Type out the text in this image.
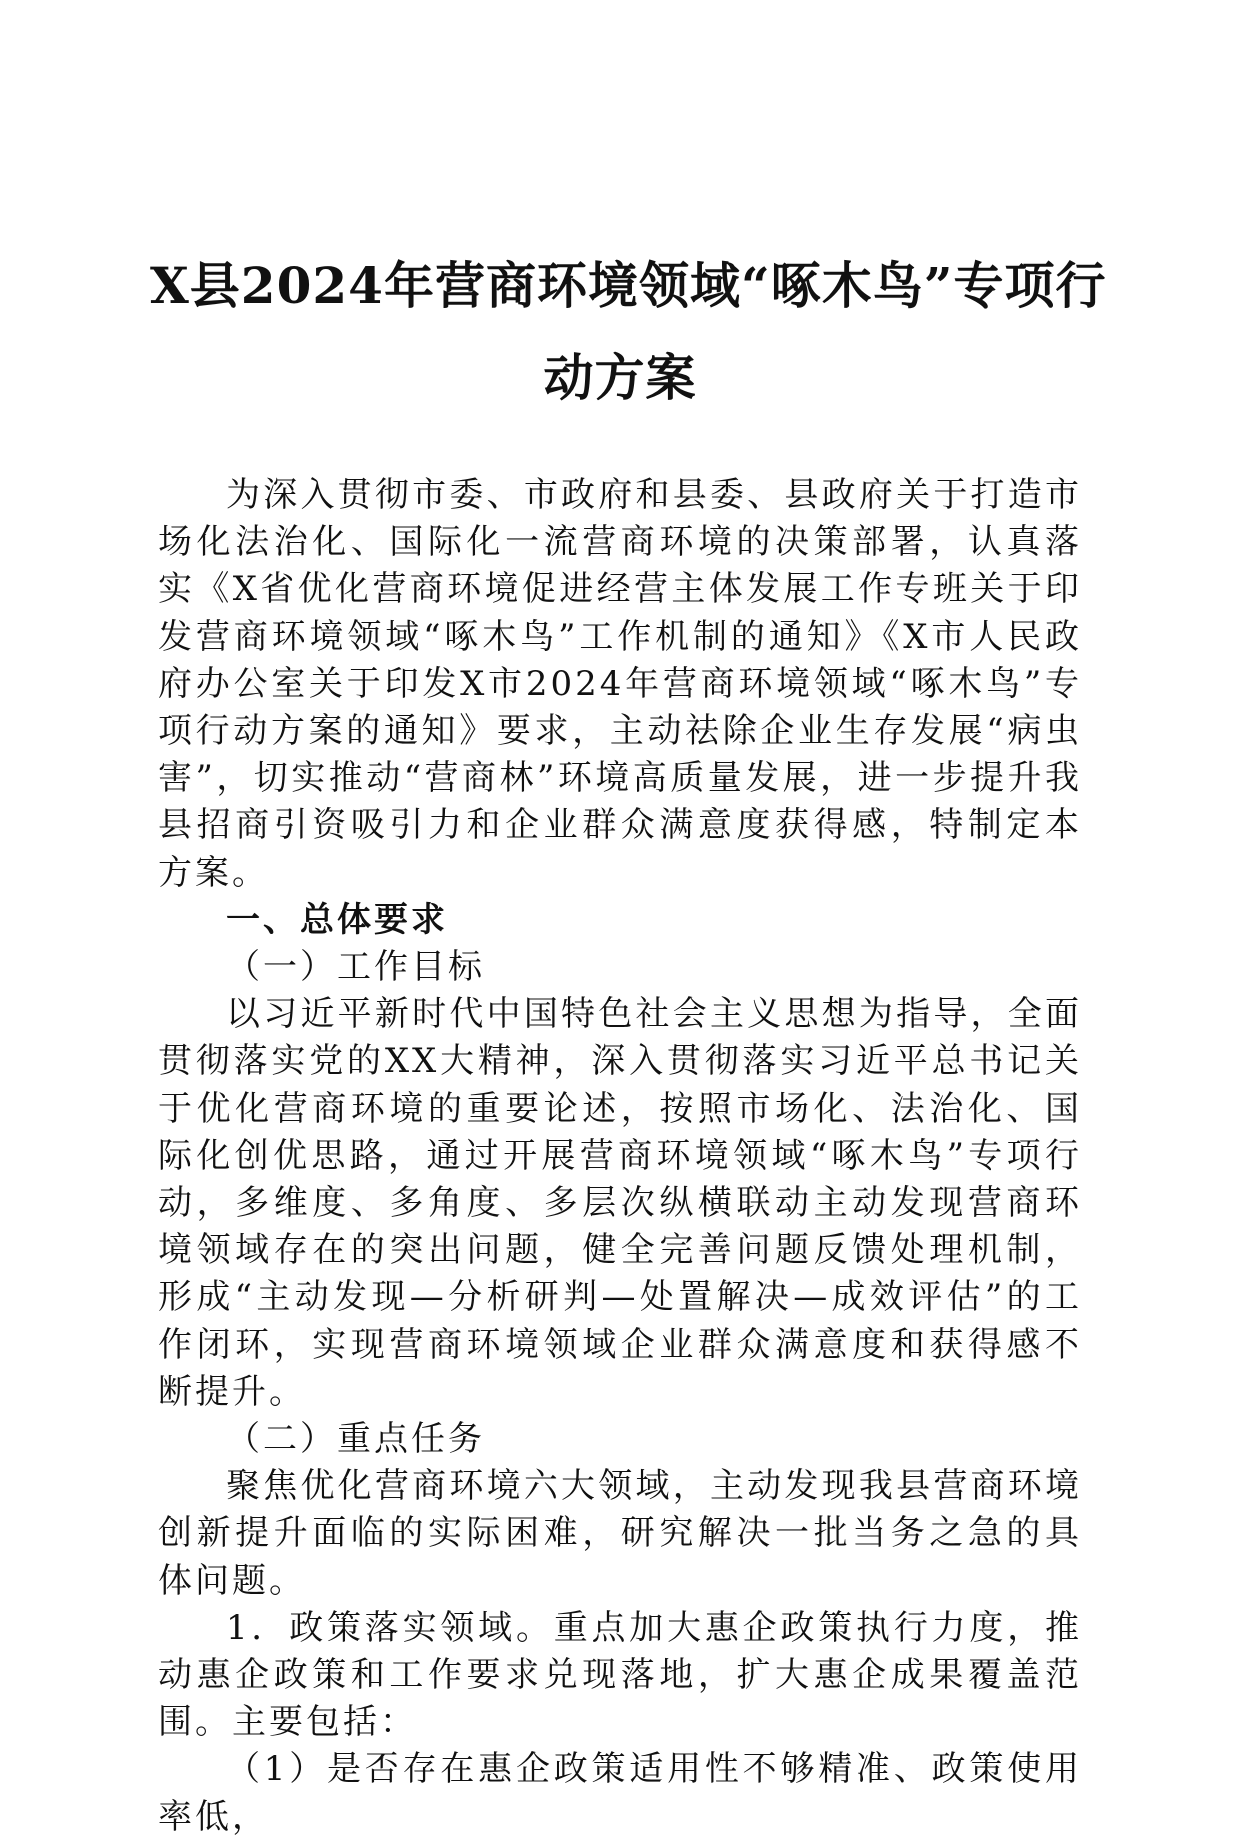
X县2024年营商环境领域“啄木鸟”专项行
动方案

为深入贯彻市委、市政府和县委、县政府关于打造市场化法治化、国际化一流营商环境的决策部署，认真落实《X省优化营商环境促进经营主体发展工作专班关于印发营商环境领域“啄木鸟”工作机制的通知》《X市人民政府办公室关于印发X市2024年营商环境领域“啄木鸟”专项行动方案的通知》要求，主动祛除企业生存发展“病虫害”，切实推动“营商林”环境高质量发展，进一步提升我县招商引资吸引力和企业群众满意度获得感，特制定本方案。

一、总体要求

（一）工作目标

以习近平新时代中国特色社会主义思想为指导，全面贯彻落实党的XX大精神，深入贯彻落实习近平总书记关于优化营商环境的重要论述，按照市场化、法治化、国际化创优思路，通过开展营商环境领域“啄木鸟”专项行动，多维度、多角度、多层次纵横联动主动发现营商环境领域存在的突出问题，健全完善问题反馈处理机制，形成“主动发现—分析研判—处置解决—成效评估”的工作闭环，实现营商环境领域企业群众满意度和获得感不断提升。

（二）重点任务

聚焦优化营商环境六大领域，主动发现我县营商环境创新提升面临的实际困难，研究解决一批当务之急的具体问题。

1．政策落实领域。重点加大惠企政策执行力度，推动惠企政策和工作要求兑现落地，扩大惠企成果覆盖范围。主要包括：

（1）是否存在惠企政策适用性不够精准、政策使用率低，
